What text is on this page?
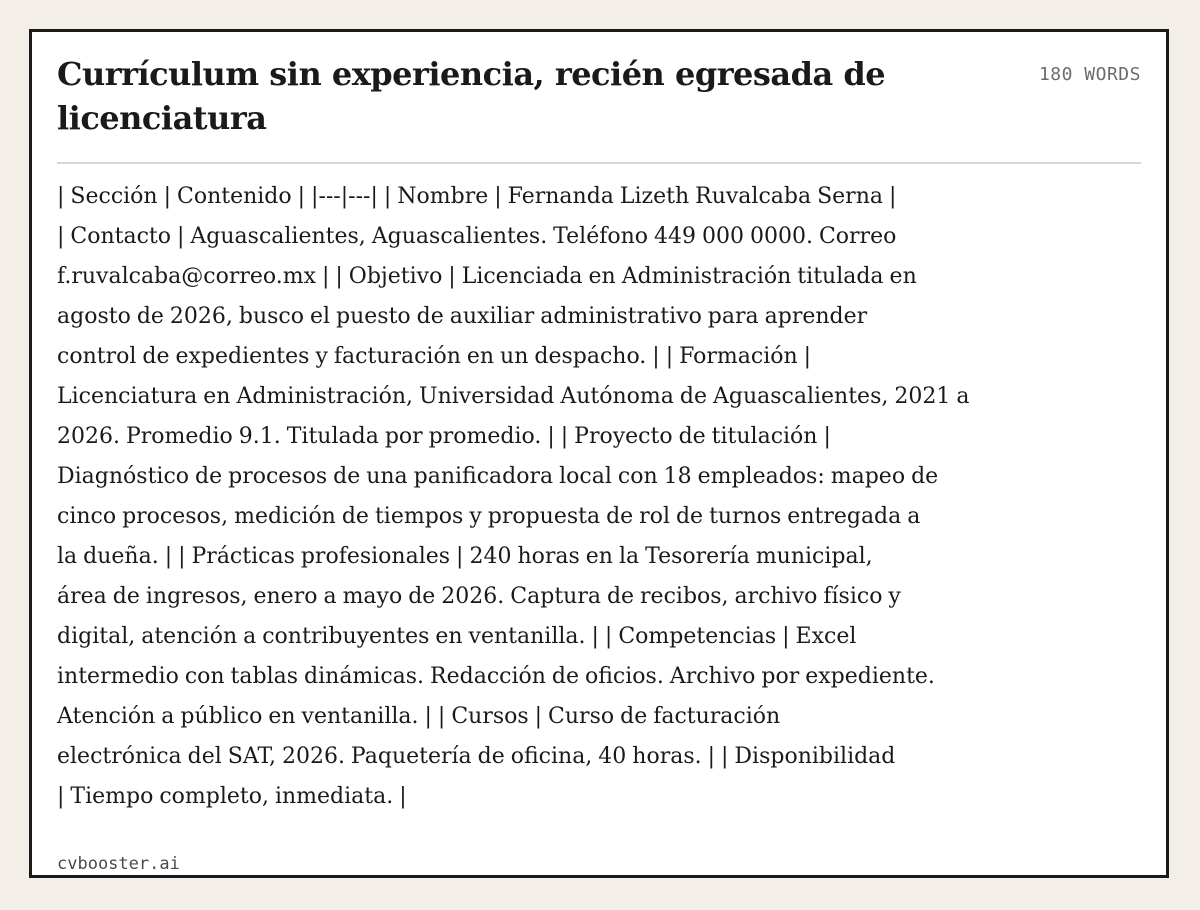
Currículum sin experiencia, recién egresada de licenciatura
180 WORDS
| Sección | Contenido | |---|---| | Nombre | Fernanda Lizeth Ruvalcaba Serna |
| Contacto | Aguascalientes, Aguascalientes. Teléfono 449 000 0000. Correo
f.ruvalcaba@correo.mx | | Objetivo | Licenciada en Administración titulada en
agosto de 2026, busco el puesto de auxiliar administrativo para aprender
control de expedientes y facturación en un despacho. | | Formación |
Licenciatura en Administración, Universidad Autónoma de Aguascalientes, 2021 a
2026. Promedio 9.1. Titulada por promedio. | | Proyecto de titulación |
Diagnóstico de procesos de una panificadora local con 18 empleados: mapeo de
cinco procesos, medición de tiempos y propuesta de rol de turnos entregada a
la dueña. | | Prácticas profesionales | 240 horas en la Tesorería municipal,
área de ingresos, enero a mayo de 2026. Captura de recibos, archivo físico y
digital, atención a contribuyentes en ventanilla. | | Competencias | Excel
intermedio con tablas dinámicas. Redacción de oficios. Archivo por expediente.
Atención a público en ventanilla. | | Cursos | Curso de facturación
electrónica del SAT, 2026. Paquetería de oficina, 40 horas. | | Disponibilidad
| Tiempo completo, inmediata. |
cvbooster.ai
